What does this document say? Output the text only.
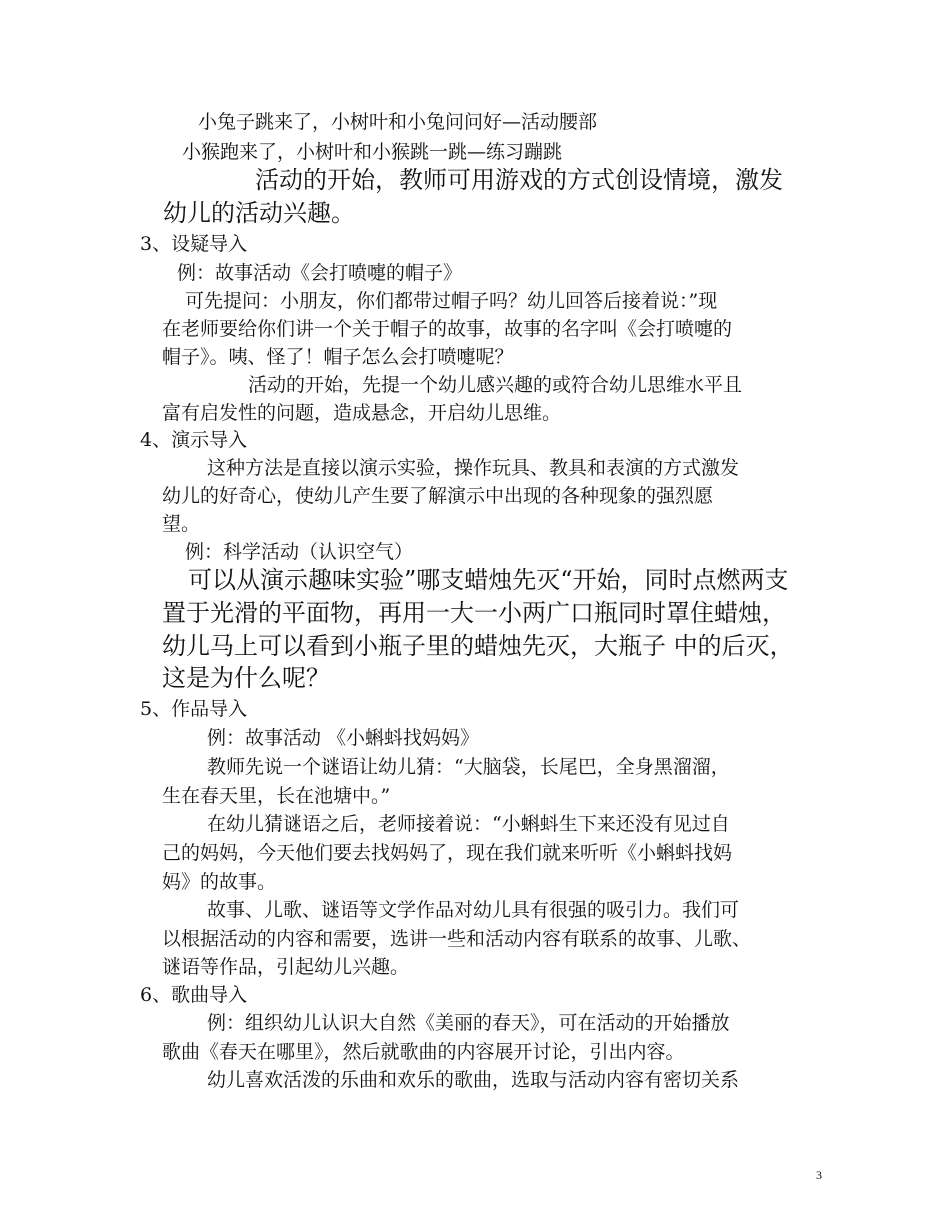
小兔子跳来了，小树叶和小兔问问好—活动腰部
小猴跑来了，小树叶和小猴跳一跳—练习蹦跳
活动的开始，教师可用游戏的方式创设情境，激发
幼儿的活动兴趣。
3、设疑导入
例：故事活动《会打喷嚏的帽子》
可先提问：小朋友，你们都带过帽子吗？幼儿回答后接着说：”现
在老师要给你们讲一个关于帽子的故事，故事的名字叫《会打喷嚏的
帽子》。咦、怪了！帽子怎么会打喷嚏呢？
活动的开始，先提一个幼儿感兴趣的或符合幼儿思维水平且
富有启发性的问题，造成悬念，开启幼儿思维。
4、演示导入
这种方法是直接以演示实验，操作玩具、教具和表演的方式激发
幼儿的好奇心，使幼儿产生要了解演示中出现的各种现象的强烈愿
望。
例：科学活动（认识空气）
可以从演示趣味实验”哪支蜡烛先灭“开始，同时点燃两支
置于光滑的平面物，再用一大一小两广口瓶同时罩住蜡烛，
幼儿马上可以看到小瓶子里的蜡烛先灭，大瓶子 中的后灭，
这是为什么呢？
5、作品导入
例：故事活动 《小蝌蚪找妈妈》
教师先说一个谜语让幼儿猜：“大脑袋，长尾巴，全身黑溜溜，
生在春天里，长在池塘中。”
在幼儿猜谜语之后，老师接着说：“小蝌蚪生下来还没有见过自
己的妈妈，今天他们要去找妈妈了，现在我们就来听听《小蝌蚪找妈
妈》的故事。
故事、儿歌、谜语等文学作品对幼儿具有很强的吸引力。我们可
以根据活动的内容和需要，选讲一些和活动内容有联系的故事、儿歌、
谜语等作品，引起幼儿兴趣。
6、歌曲导入
例：组织幼儿认识大自然《美丽的春天》，可在活动的开始播放
歌曲《春天在哪里》，然后就歌曲的内容展开讨论，引出内容。
幼儿喜欢活泼的乐曲和欢乐的歌曲，选取与活动内容有密切关系
3
